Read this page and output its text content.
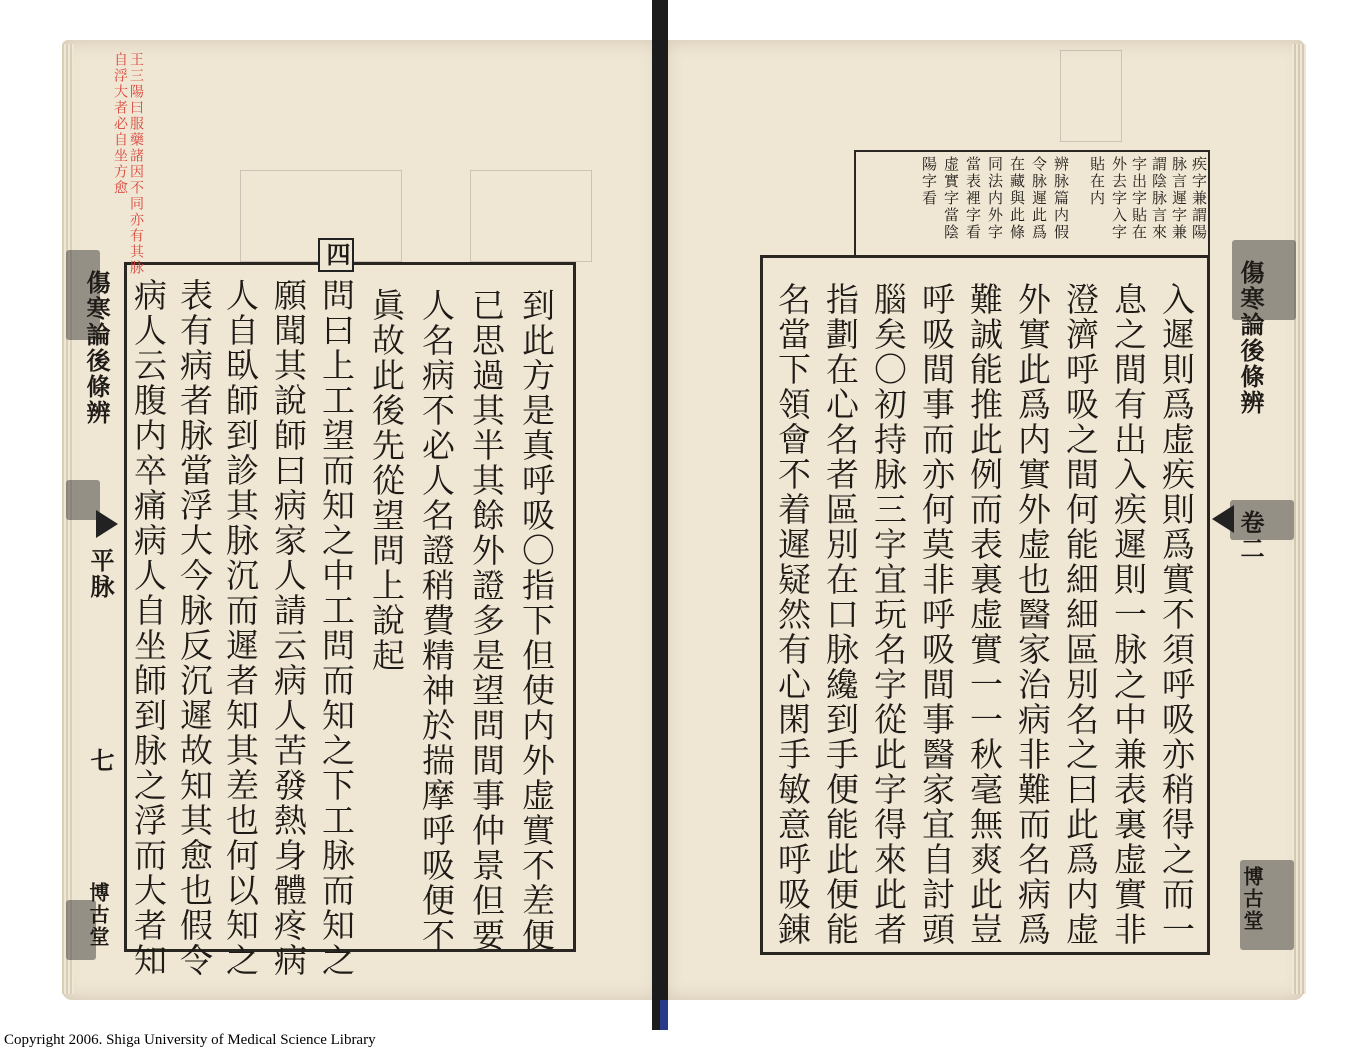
王三陽曰服藥諸因不同亦有其脉
自浮大者必自坐方愈
四
傷寒論後條辨
平脉
七
博古堂	到此方是真呼吸〇指下但使内外虚實不差便
已思過其半其餘外證多是望問間事仲景但要
人名病不必人名證稍費精神於揣摩呼吸便不
眞故此後先從望問上說起
問曰上工望而知之中工問而知之下工脉而知之
願聞其說師曰病家人請云病人苦發熱身體疼病
人自臥師到診其脉沉而遲者知其差也何以知之
表有病者脉當浮大今脉反沉遲故知其愈也假令
病人云腹内卒痛病人自坐師到脉之浮而大者知
疾字兼謂陽
脉言遲字兼
謂陰脉言來
字出字貼在
外去字入字
貼在内
辨脉篇内假
令脉遲此爲
在藏與此條
同法内外字
當表裡字看
虚實字當陰
陽字看
傷寒論後條辨
卷二
博古堂
入遲則爲虚疾則爲實不須呼吸亦稍得之而一
息之間有出入疾遲則一脉之中兼表裏虚實非
澄濟呼吸之間何能細細區別名之曰此爲内虚
外實此爲内實外虚也醫家治病非難而名病爲
難誠能推此例而表裏虚實一一秋毫無爽此豈
呼吸間事而亦何莫非呼吸間事醫家宜自討頭
腦矣〇初持脉三字宜玩名字從此字得來此者
指劃在心名者區別在口脉纔到手便能此便能
名當下領會不着遲疑然有心閑手敏意呼吸錬
Copyright 2006. Shiga University of Medical Science Library
